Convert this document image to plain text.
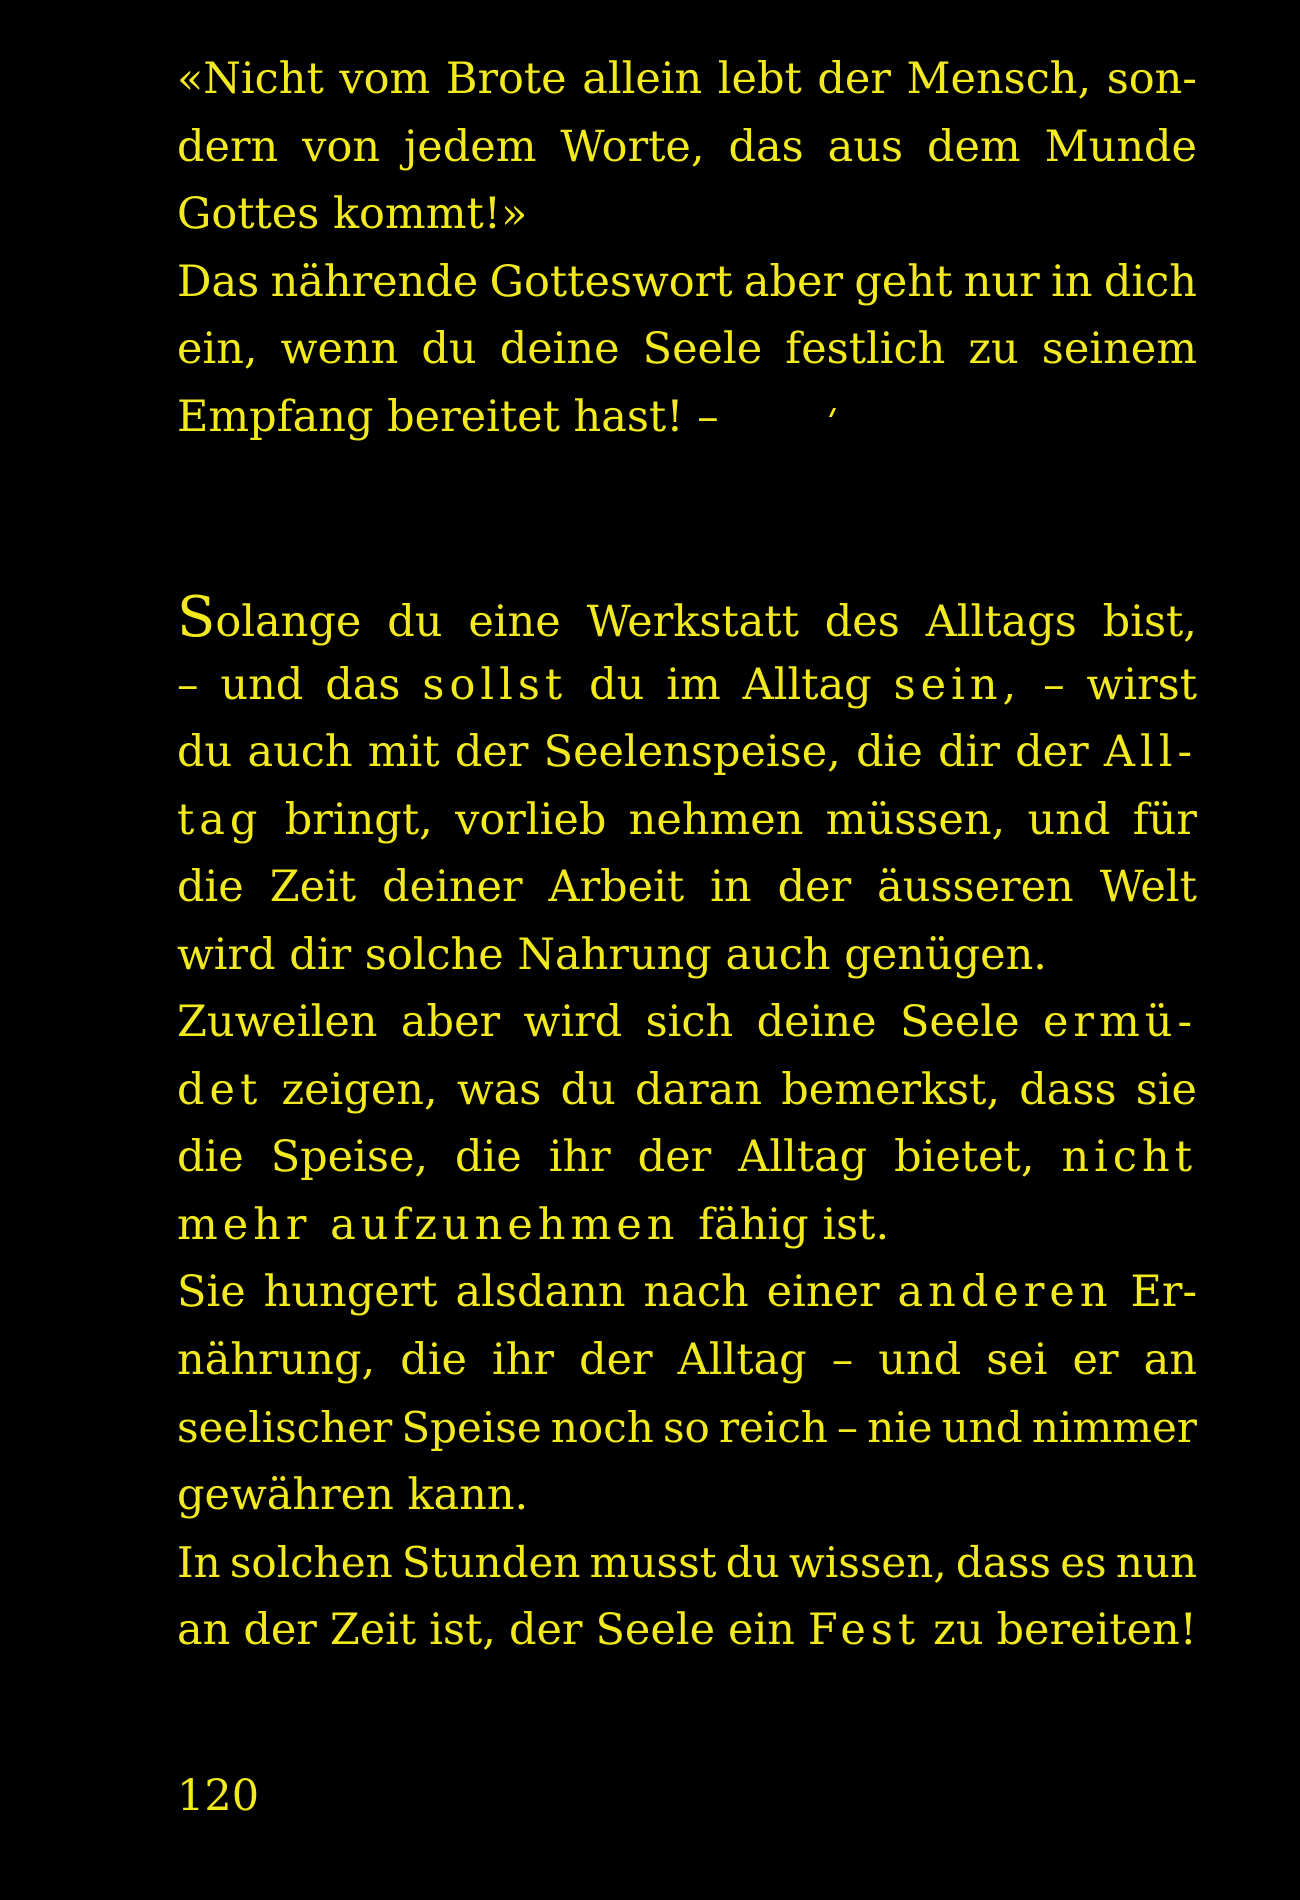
«Nicht vom Brote allein lebt der Mensch, son-
dern von jedem Worte, das aus dem Munde
Gottes kommt!»
Das nährende Gotteswort aber geht nur in dich
ein, wenn du deine Seele festlich zu seinem
Empfang bereitet hast! –
Solange du eine Werkstatt des Alltags bist,
– und das sollst du im Alltag sein, – wirst
du auch mit der Seelenspeise, die dir der All-
tag bringt, vorlieb nehmen müssen, und für
die Zeit deiner Arbeit in der äusseren Welt
wird dir solche Nahrung auch genügen.
Zuweilen aber wird sich deine Seele ermü-
det zeigen, was du daran bemerkst, dass sie
die Speise, die ihr der Alltag bietet, nicht
mehr aufzunehmen fähig ist.
Sie hungert alsdann nach einer anderen Er-
nährung, die ihr der Alltag – und sei er an
seelischer Speise noch so reich – nie und nimmer
gewähren kann.
In solchen Stunden musst du wissen, dass es nun
an der Zeit ist, der Seele ein Fest zu bereiten!
120
